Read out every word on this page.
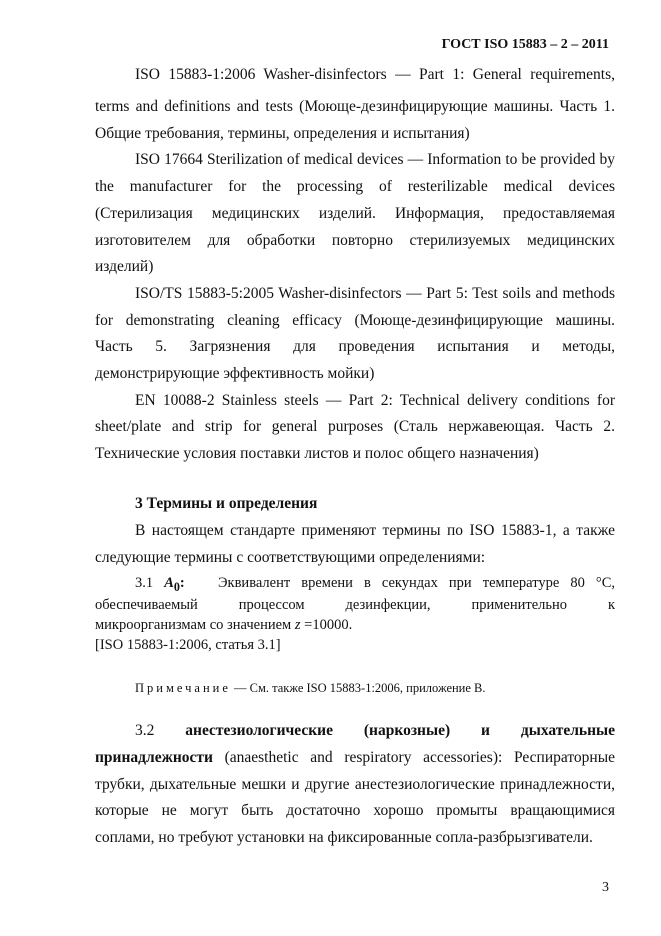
ГОСТ ISO 15883 – 2 – 2011
ISO 15883-1:2006 Washer-disinfectors ― Part 1: General requirements,
terms and definitions and tests (Моюще-дезинфицирующие машины. Часть 1.
Общие требования, термины, определения и испытания)
ISO 17664 Sterilization of medical devices ― Information to be provided by
the manufacturer for the processing of resterilizable medical devices
(Стерилизация медицинских изделий. Информация, предоставляемая
изготовителем для обработки повторно стерилизуемых медицинских
изделий)
ISO/TS 15883-5:2005 Washer-disinfectors ― Part 5: Test soils and methods
for demonstrating cleaning efficacy (Моюще-дезинфицирующие машины.
Часть 5. Загрязнения для проведения испытания и методы,
демонстрирующие эффективность мойки)
EN 10088-2 Stainless steels ― Part 2: Technical delivery conditions for
sheet/plate and strip for general purposes (Сталь нержавеющая. Часть 2.
Технические условия поставки листов и полос общего назначения)
3 Термины и определения
В настоящем стандарте применяют термины по ISO 15883-1, а также
следующие термины с соответствующими определениями:
3.1 $A_0$: Эквивалент времени в секундах при температуре 80 °C,
обеспечиваемый процессом дезинфекции, применительно к
микроорганизмам со значением z =10000.
[ISO 15883-1:2006, статья 3.1]
Примечание ― См. также ISO 15883-1:2006, приложение В.
3.2 анестезиологические (наркозные) и дыхательные
принадлежности (anaesthetic and respiratory accessories): Респираторные
трубки, дыхательные мешки и другие анестезиологические принадлежности,
которые не могут быть достаточно хорошо промыты вращающимися
соплами, но требуют установки на фиксированные сопла-разбрызгиватели.
3
